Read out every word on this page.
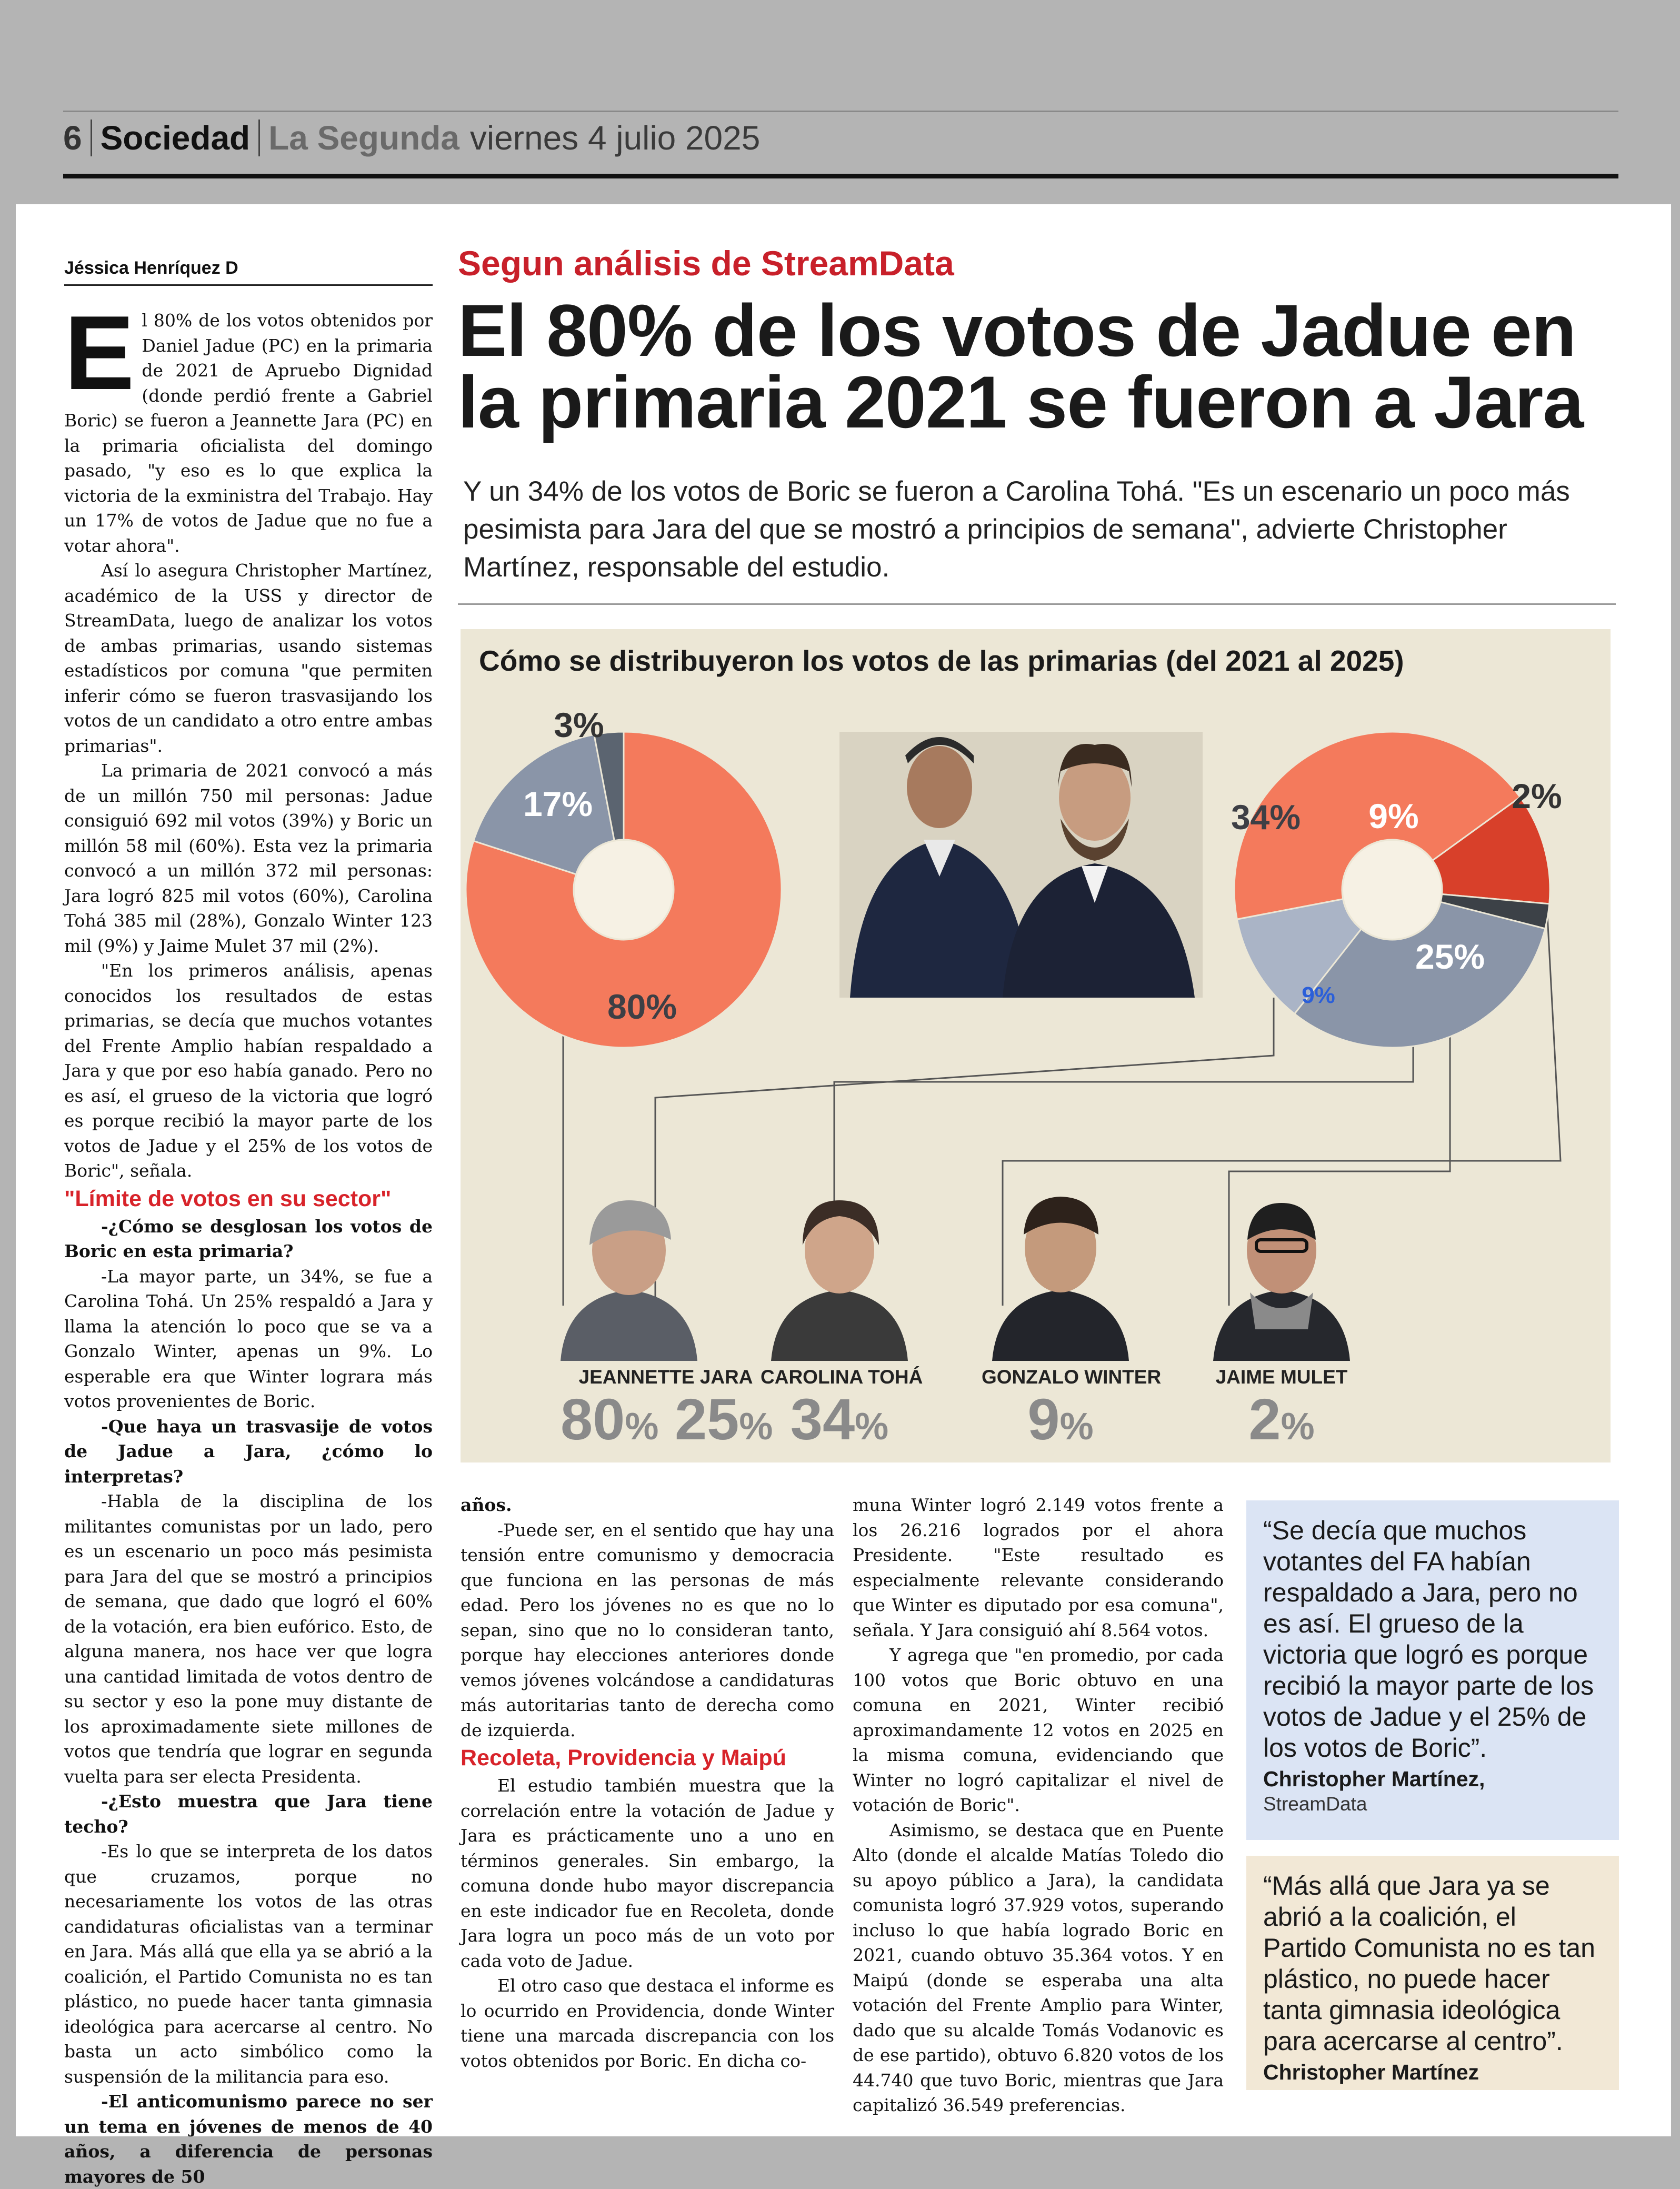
6 Sociedad La Segunda viernes 4 julio 2025
Jéssica Henríquez D

El 80% de los votos obtenidos por Daniel Jadue (PC) en la primaria de 2021 de Apruebo Dignidad (donde perdió frente a Gabriel Boric) se fueron a Jeannette Jara (PC) en la primaria oficialista del domingo pasado, "y eso es lo que explica la victoria de la exministra del Trabajo. Hay un 17% de votos de Jadue que no fue a votar ahora".

Así lo asegura Christopher Martínez, académico de la USS y director de StreamData, luego de analizar los votos de ambas primarias, usando sistemas estadísticos por comuna "que permiten inferir cómo se fueron trasvasijando los votos de un candidato a otro entre ambas primarias".

La primaria de 2021 convocó a más de un millón 750 mil personas: Jadue consiguió 692 mil votos (39%) y Boric un millón 58 mil (60%). Esta vez la primaria convocó a un millón 372 mil personas: Jara logró 825 mil votos (60%), Carolina Tohá 385 mil (28%), Gonzalo Winter 123 mil (9%) y Jaime Mulet 37 mil (2%).

"En los primeros análisis, apenas conocidos los resultados de estas primarias, se decía que muchos votantes del Frente Amplio habían respaldado a Jara y que por eso había ganado. Pero no es así, el grueso de la victoria que logró es porque recibió la mayor parte de los votos de Jadue y el 25% de los votos de Boric", señala.

"Límite de votos en su sector"

-¿Cómo se desglosan los votos de Boric en esta primaria?

-La mayor parte, un 34%, se fue a Carolina Tohá. Un 25% respaldó a Jara y llama la atención lo poco que se va a Gonzalo Winter, apenas un 9%. Lo esperable era que Winter lograra más votos provenientes de Boric.

-Que haya un trasvasije de votos de Jadue a Jara, ¿cómo lo interpretas?

-Habla de la disciplina de los militantes comunistas por un lado, pero es un escenario un poco más pesimista para Jara del que se mostró a principios de semana, que dado que logró el 60% de la votación, era bien eufórico. Esto, de alguna manera, nos hace ver que logra una cantidad limitada de votos dentro de su sector y eso la pone muy distante de los aproximadamente siete millones de votos que tendría que lograr en segunda vuelta para ser electa Presidenta.

-¿Esto muestra que Jara tiene techo?

-Es lo que se interpreta de los datos que cruzamos, porque no necesariamente los votos de las otras candidaturas oficialistas van a terminar en Jara. Más allá que ella ya se abrió a la coalición, el Partido Comunista no es tan plástico, no puede hacer tanta gimnasia ideológica para acercarse al centro. No basta un acto simbólico como la suspensión de la militancia para eso.

-El anticomunismo parece no ser un tema en jóvenes de menos de 40 años, a diferencia de personas mayores de 50

Segun análisis de StreamData
El 80% de los votos de Jadue en la primaria 2021 se fueron a Jara
Y un 34% de los votos de Boric se fueron a Carolina Tohá. "Es un escenario un poco más pesimista para Jara del que se mostró a principios de semana", advierte Christopher Martínez, responsable del estudio.
80%
17%
3%
34% 9%
2%
25%
9%
Cómo se distribuyeron los votos de las primarias (del 2021 al 2025)
JEANNETTE JARA
80% 25%
CAROLINA TOHÁ
34%
GONZALO WINTER
9%
JAIME MULET
2%

años.

-Puede ser, en el sentido que hay una tensión entre comunismo y democracia que funciona en las personas de más edad. Pero los jóvenes no es que no lo sepan, sino que no lo consideran tanto, porque hay elecciones anteriores donde vemos jóvenes volcándose a candidaturas más autoritarias tanto de derecha como de izquierda.

Recoleta, Providencia y Maipú

El estudio también muestra que la correlación entre la votación de Jadue y Jara es prácticamente uno a uno en términos generales. Sin embargo, la comuna donde hubo mayor discrepancia en este indicador fue en Recoleta, donde Jara logra un poco más de un voto por cada voto de Jadue.

El otro caso que destaca el informe es lo ocurrido en Providencia, donde Winter tiene una marcada discrepancia con los votos obtenidos por Boric. En dicha co-

muna Winter logró 2.149 votos frente a los 26.216 logrados por el ahora Presidente. "Este resultado es especialmente relevante considerando que Winter es diputado por esa comuna", señala. Y Jara consiguió ahí 8.564 votos.

Y agrega que "en promedio, por cada 100 votos que Boric obtuvo en una comuna en 2021, Winter recibió aproximandamente 12 votos en 2025 en la misma comuna, evidenciando que Winter no logró capitalizar el nivel de votación de Boric".

Asimismo, se destaca que en Puente Alto (donde el alcalde Matías Toledo dio su apoyo público a Jara), la candidata comunista logró 37.929 votos, superando incluso lo que había logrado Boric en 2021, cuando obtuvo 35.364 votos. Y en Maipú (donde se esperaba una alta votación del Frente Amplio para Winter, dado que su alcalde Tomás Vodanovic es de ese partido), obtuvo 6.820 votos de los 44.740 que tuvo Boric, mientras que Jara capitalizó 36.549 preferencias.

“Se decía que muchos votantes del FA habían respaldado a Jara, pero no es así. El grueso de la victoria que logró es porque recibió la mayor parte de los votos de Jadue y el 25% de los votos de Boric”.
Christopher Martínez,
StreamData
“Más allá que Jara ya se abrió a la coalición, el Partido Comunista no es tan plástico, no puede hacer tanta gimnasia ideológica para acercarse al centro”.
Christopher Martínez
